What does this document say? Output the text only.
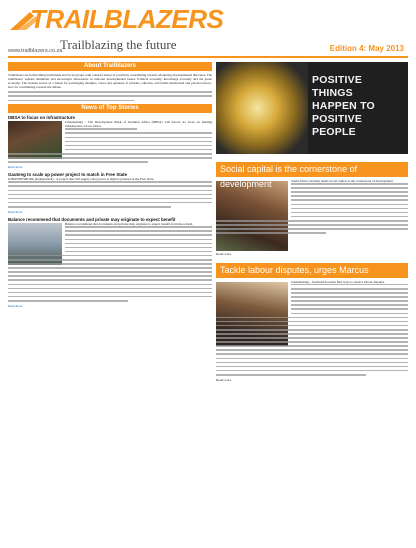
TRAILBLAZERS
Trailblazing the future
www.trailblazers.co.za	Edition 4: May 2013
About Trailblazers
Trailblazers are forthcoming individuals and focus groups with a shared vision of positively contributing towards advancing developmental discourse. The trailblazers' website stimulates and encourages discussions on national developmental issues. Political economy, knowledge economy and the green economy. The website serves as a forum for exchanging thoughts, views and opinions. It informs, educates, and builds intellectual and practical know-how for contributing towards the debate.
News of Top Stories
DBSA to focus on infrastructure
Johannesburg - The Development Bank of Southern Africa (DBSA) will narrow its focus on funding infrastructure across Africa.
Read more
Gauteng to scale up power project to match in Free State
JOHANNESBURG (Independent) - A project that will supply solar power at night is planned in the Free State.
Read more
Balance recommend that documents and private may originate to expect benefit
Balance recommend that documents and private may originate to expect benefit from the reform.
Read more
POSITIVE
THINGS
HAPPEN TO
POSITIVE
PEOPLE
Social capital is the cornerstone of development	South Africa certainly needs social capital as the cornerstone of development.
Read more
Tackle labour disputes, urges Marcus
Johannesburg - South Africa must find ways to resolve labour disputes.
Read more
